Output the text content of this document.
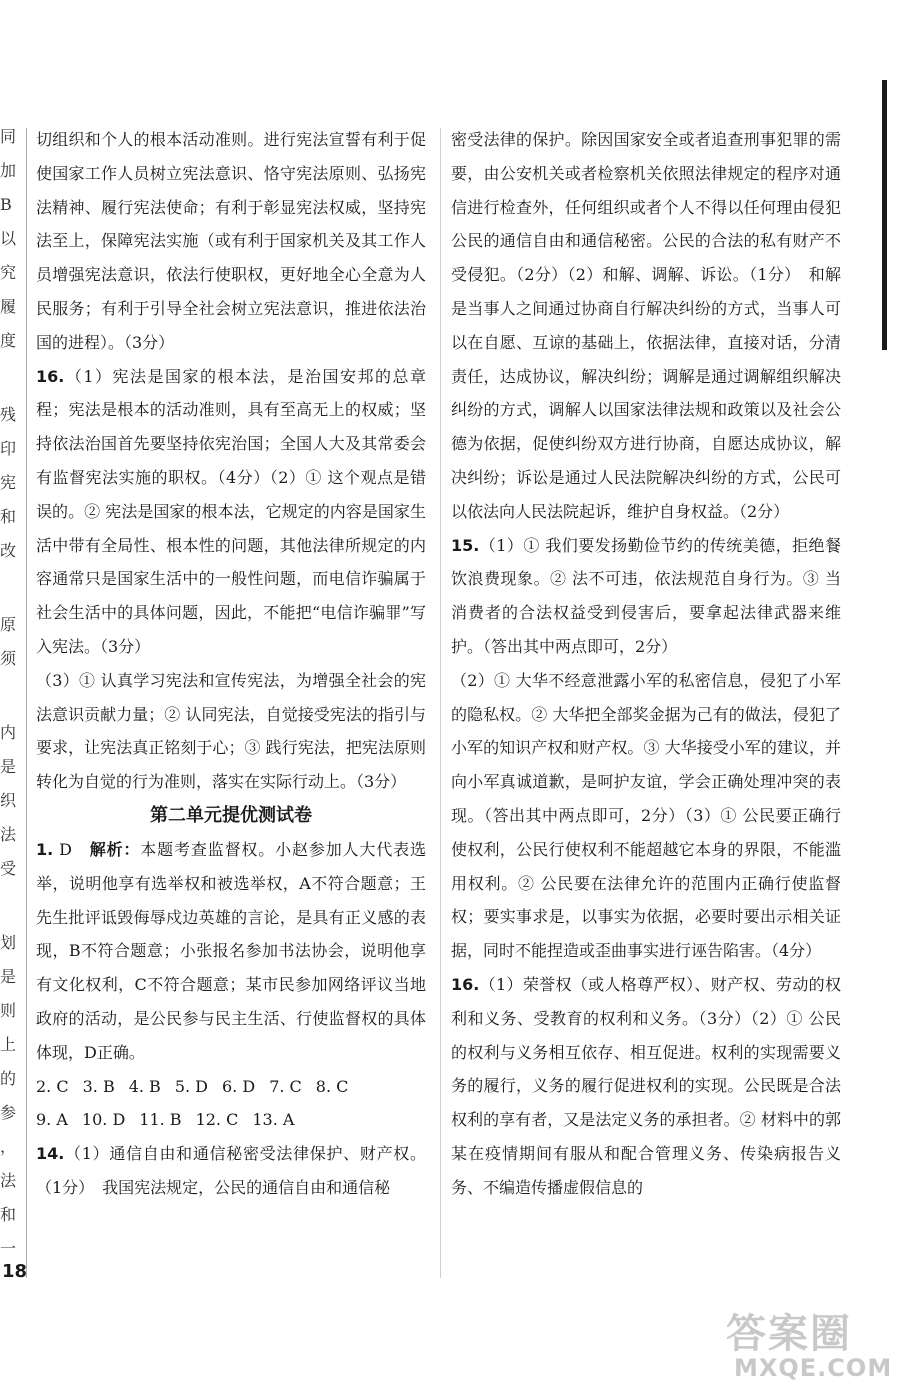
同
加
B
以
究
履
度
残
印
宪
和
改
原
须
内
是
织
法
受
划
是
则
上
的
参
，
法
和
一

切组织和个人的根本活动准则。进行宪法宣誓有利于促使国家工作人员树立宪法意识、恪守宪法原则、弘扬宪法精神、履行宪法使命；有利于彰显宪法权威，坚持宪法至上，保障宪法实施（或有利于国家机关及其工作人员增强宪法意识，依法行使职权，更好地全心全意为人民服务；有利于引导全社会树立宪法意识，推进依法治国的进程）。（3分）

16.（1）宪法是国家的根本法，是治国安邦的总章程；宪法是根本的活动准则，具有至高无上的权威；坚持依法治国首先要坚持依宪治国；全国人大及其常委会有监督宪法实施的职权。（4分）（2）① 这个观点是错误的。② 宪法是国家的根本法，它规定的内容是国家生活中带有全局性、根本性的问题，其他法律所规定的内容通常只是国家生活中的一般性问题，而电信诈骗属于社会生活中的具体问题，因此，不能把“电信诈骗罪”写入宪法。（3分）

（3）① 认真学习宪法和宣传宪法，为增强全社会的宪法意识贡献力量；② 认同宪法，自觉接受宪法的指引与要求，让宪法真正铭刻于心；③ 践行宪法，把宪法原则转化为自觉的行为准则，落实在实际行动上。（3分）

第二单元提优测试卷

1. D　 解析：本题考查监督权。小赵参加人大代表选举，说明他享有选举权和被选举权，A不符合题意；王先生批评诋毁侮辱戍边英雄的言论，是具有正义感的表现，B不符合题意；小张报名参加书法协会，说明他享有文化权利，C不符合题意；某市民参加网络评议当地政府的活动，是公民参与民主生活、行使监督权的具体体现，D正确。

2. C 3. B 4. B 5. D 6. D 7. C 8. C

9. A 10. D 11. B 12. C 13. A

14.（1）通信自由和通信秘密受法律保护、财产权。（1分）　我国宪法规定，公民的通信自由和通信秘

密受法律的保护。除因国家安全或者追查刑事犯罪的需要，由公安机关或者检察机关依照法律规定的程序对通信进行检查外，任何组织或者个人不得以任何理由侵犯公民的通信自由和通信秘密。公民的合法的私有财产不受侵犯。（2分）（2）和解、调解、诉讼。（1分）　和解是当事人之间通过协商自行解决纠纷的方式，当事人可以在自愿、互谅的基础上，依据法律，直接对话，分清责任，达成协议，解决纠纷；调解是通过调解组织解决纠纷的方式，调解人以国家法律法规和政策以及社会公德为依据，促使纠纷双方进行协商，自愿达成协议，解决纠纷；诉讼是通过人民法院解决纠纷的方式，公民可以依法向人民法院起诉，维护自身权益。（2分）

15.（1）① 我们要发扬勤俭节约的传统美德，拒绝餐饮浪费现象。② 法不可违，依法规范自身行为。③ 当消费者的合法权益受到侵害后，要拿起法律武器来维护。（答出其中两点即可，2分）

（2）① 大华不经意泄露小军的私密信息，侵犯了小军的隐私权。② 大华把全部奖金据为己有的做法，侵犯了小军的知识产权和财产权。③ 大华接受小军的建议，并向小军真诚道歉，是呵护友谊，学会正确处理冲突的表现。（答出其中两点即可，2分）（3）① 公民要正确行使权利，公民行使权利不能超越它本身的界限，不能滥用权利。② 公民要在法律允许的范围内正确行使监督权；要实事求是，以事实为依据，必要时要出示相关证据，同时不能捏造或歪曲事实进行诬告陷害。（4分）

16.（1）荣誉权（或人格尊严权）、财产权、劳动的权利和义务、受教育的权利和义务。（3分）（2）① 公民的权利与义务相互依存、相互促进。权利的实现需要义务的履行，义务的履行促进权利的实现。公民既是合法权利的享有者，又是法定义务的承担者。② 材料中的郭某在疫情期间有服从和配合管理义务、传染病报告义务、不编造传播虚假信息的

18
答案圈
MXQE.COM
